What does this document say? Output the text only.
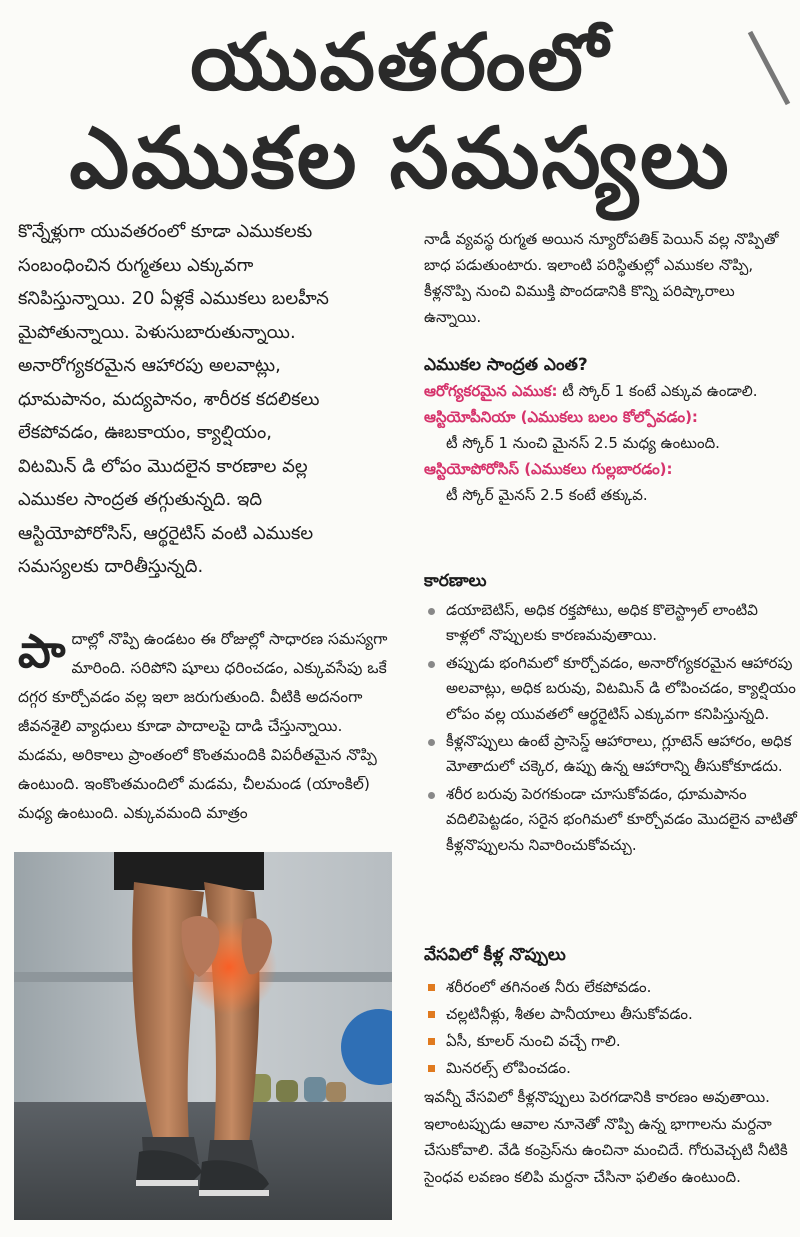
యువతరంలో
ఎముకల సమస్యలు

కొన్నేళ్లుగా యువతరంలో కూడా ఎముకలకు

సంబంధించిన రుగ్మతలు ఎక్కువగా

కనిపిస్తున్నాయి. 20 ఏళ్లకే ఎముకలు బలహీన

మైపోతున్నాయి. పెళుసుబారుతున్నాయి.

అనారోగ్యకరమైన ఆహారపు అలవాట్లు,

ధూమపానం, మద్యపానం, శారీరక కదలికలు

లేకపోవడం, ఊబకాయం, క్యాల్షియం,

విటమిన్ డి లోపం మొదలైన కారణాల వల్ల

ఎముకల సాంద్రత తగ్గుతున్నది. ఇది

ఆస్టియోపోరోసిస్, ఆర్థరైటిస్ వంటి ఎముకల

సమస్యలకు దారితీస్తున్నది.

పా దాల్లో నొప్పి ఉండటం ఈ రోజుల్లో సాధారణ సమస్యగా మారింది. సరిపోని షూలు ధరించడం, ఎక్కువసేపు ఒకే దగ్గర కూర్చోవడం వల్ల ఇలా జరుగుతుంది. వీటికి అదనంగా జీవనశైలి వ్యాధులు కూడా పాదాలపై దాడి చేస్తున్నాయి. మడమ, అరికాలు ప్రాంతంలో కొంతమందికి విపరీతమైన నొప్పి ఉంటుంది. ఇంకొంతమందిలో మడమ, చీలమండ (యాంకిల్) మధ్య ఉంటుంది. ఎక్కువమంది మాత్రం

నాడీ వ్యవస్థ రుగ్మత అయిన న్యూరోపతిక్ పెయిన్ వల్ల నొప్పితో బాధ పడుతుంటారు. ఇలాంటి పరిస్థితుల్లో ఎముకల నొప్పి, కీళ్లనొప్పి నుంచి విముక్తి పొందడానికి కొన్ని పరిష్కారాలు ఉన్నాయి.

ఎముకల సాంద్రత ఎంత?
ఆరోగ్యకరమైన ఎముక: టీ స్కోర్ 1 కంటే ఎక్కువ ఉండాలి.
ఆస్టియోపీనియా (ఎముకలు బలం కోల్పోవడం):
టీ స్కోర్ 1 నుంచి మైనస్ 2.5 మధ్య ఉంటుంది.
ఆస్టియోపోరోసిస్ (ఎముకలు గుల్లబారడం):
టీ స్కోర్ మైనస్ 2.5 కంటే తక్కువ.
కారణాలు
డయాబెటిస్, అధిక రక్తపోటు, అధిక కొలెస్ట్రాల్ లాంటివి కాళ్లలో నొప్పులకు కారణమవుతాయి.
తప్పుడు భంగిమలో కూర్చోవడం, అనారోగ్యకరమైన ఆహారపు అలవాట్లు, అధిక బరువు, విటమిన్ డి లోపించడం, క్యాల్షియం లోపం వల్ల యువతలో ఆర్థరైటిస్ ఎక్కువగా కనిపిస్తున్నది.
కీళ్లనొప్పులు ఉంటే ప్రాసెస్డ్ ఆహారాలు, గ్లూటెన్ ఆహారం, అధిక మోతాదులో చక్కెర, ఉప్పు ఉన్న ఆహారాన్ని తీసుకోకూడదు.
శరీర బరువు పెరగకుండా చూసుకోవడం, ధూమపానం వదిలిపెట్టడం, సరైన భంగిమలో కూర్చోవడం మొదలైన వాటితో కీళ్లనొప్పులను నివారించుకోవచ్చు.
వేసవిలో కీళ్ల నొప్పులు
శరీరంలో తగినంత నీరు లేకపోవడం.
చల్లటినీళ్లు, శీతల పానీయాలు తీసుకోవడం.
ఏసీ, కూలర్ నుంచి వచ్చే గాలి.
మినరల్స్ లోపించడం.

ఇవన్నీ వేసవిలో కీళ్లనొప్పులు పెరగడానికి కారణం అవుతాయి. ఇలాంటప్పుడు ఆవాల నూనెతో నొప్పి ఉన్న భాగాలను మర్దనా చేసుకోవాలి. వేడి కంప్రెస్‌ను ఉంచినా మంచిదే. గోరువెచ్చటి నీటికి సైంధవ లవణం కలిపి మర్దనా చేసినా ఫలితం ఉంటుంది.
